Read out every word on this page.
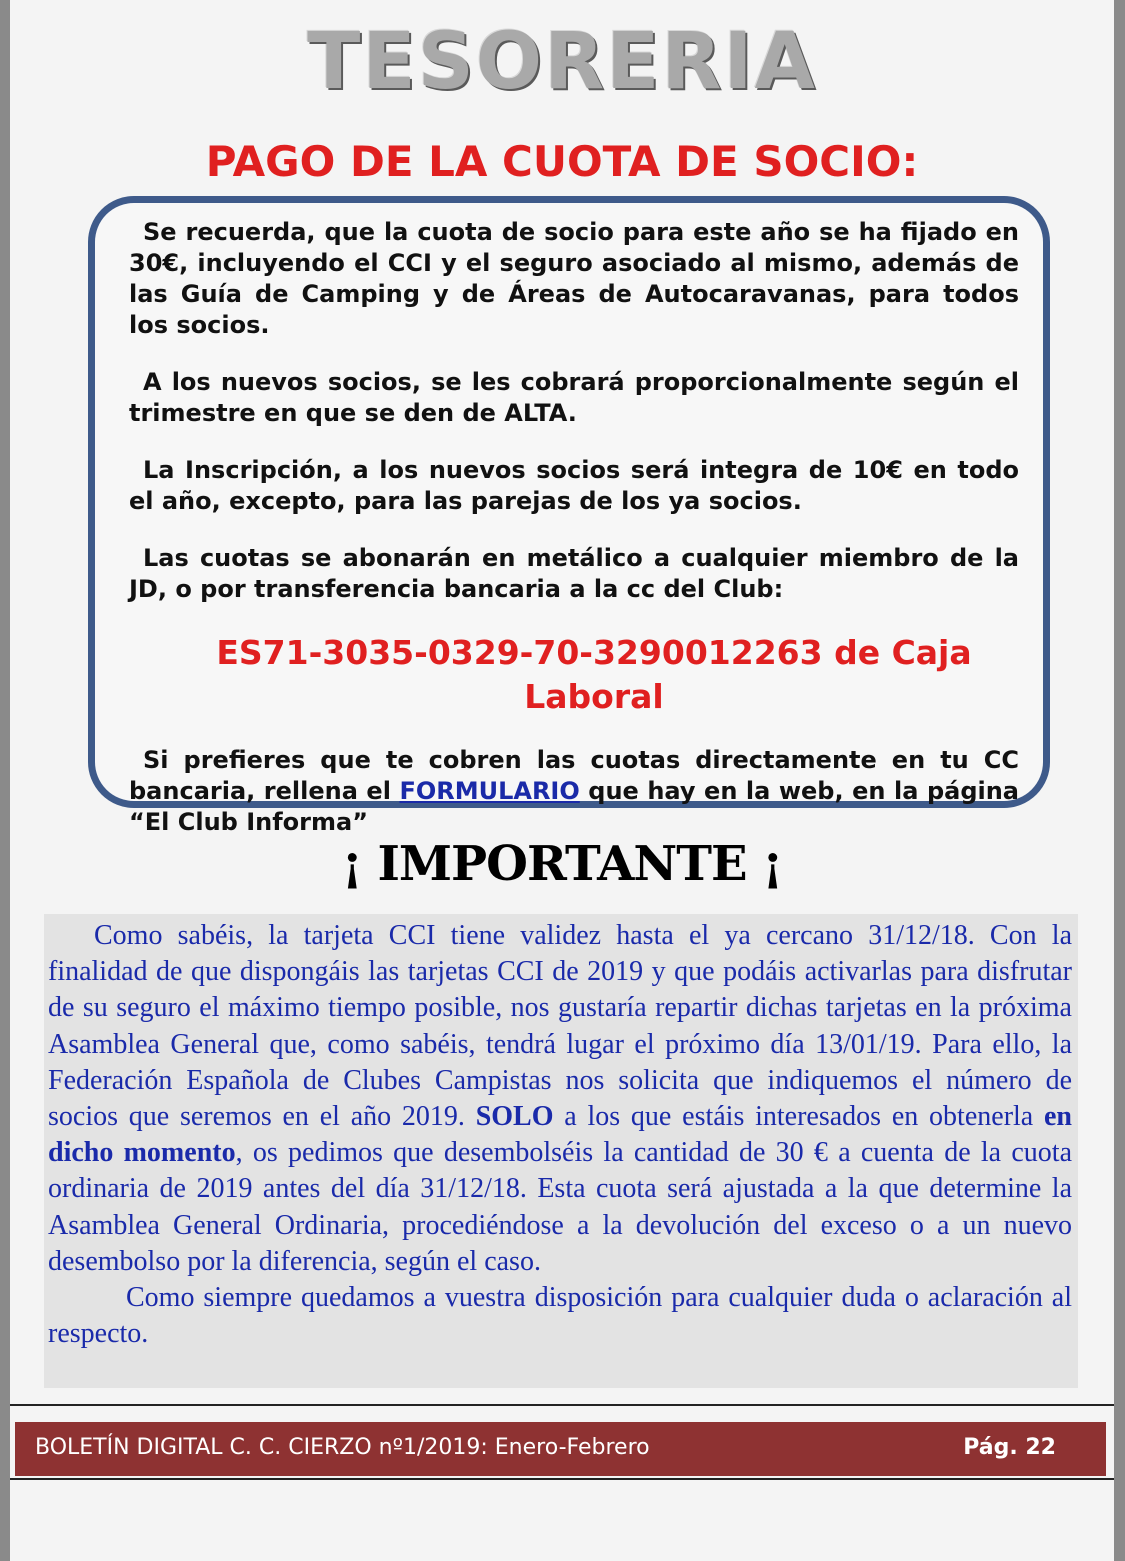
TESORERIA
PAGO DE LA CUOTA DE SOCIO:

Se recuerda, que la cuota de socio para este año se ha fijado en 30€, incluyendo el CCI y el seguro asociado al mismo, además de las Guía de Camping y de Áreas de Autocaravanas, para todos los socios.

A los nuevos socios, se les cobrará proporcionalmente según el trimestre en que se den de ALTA.

La Inscripción, a los nuevos socios será integra de 10€ en todo el año, excepto, para las parejas de los ya socios.

Las cuotas se abonarán en metálico a cualquier miembro de la JD, o por transferencia bancaria a la cc del Club:

ES71-3035-0329-70-3290012263 de Caja Laboral

Si prefieres que te cobren las cuotas directamente en tu CC bancaria, rellena el FORMULARIO que hay en la web, en la página “El Club Informa”

¡ IMPORTANTE ¡

Como sabéis, la tarjeta CCI tiene validez hasta el ya cercano 31/12/18. Con la finalidad de que dispongáis las tarjetas CCI de 2019 y que podáis activarlas para disfrutar de su seguro el máximo tiempo posible, nos gustaría repartir dichas tarjetas en la próxima Asamblea General que, como sabéis, tendrá lugar el próximo día 13/01/19. Para ello, la Federación Española de Clubes Campistas nos solicita que indiquemos el número de socios que seremos en el año 2019. SOLO a los que estáis interesados en obtenerla en dicho momento, os pedimos que desembolséis la cantidad de 30 € a cuenta de la cuota ordinaria de 2019 antes del día 31/12/18. Esta cuota será ajustada a la que determine la Asamblea General Ordinaria, procediéndose a la devolución del exceso o a un nuevo desembolso por la diferencia, según el caso.

Como siempre quedamos a vuestra disposición para cualquier duda o aclaración al respecto.

BOLETÍN DIGITAL C. C. CIERZO nº1/2019: Enero-Febrero	Pág. 22
